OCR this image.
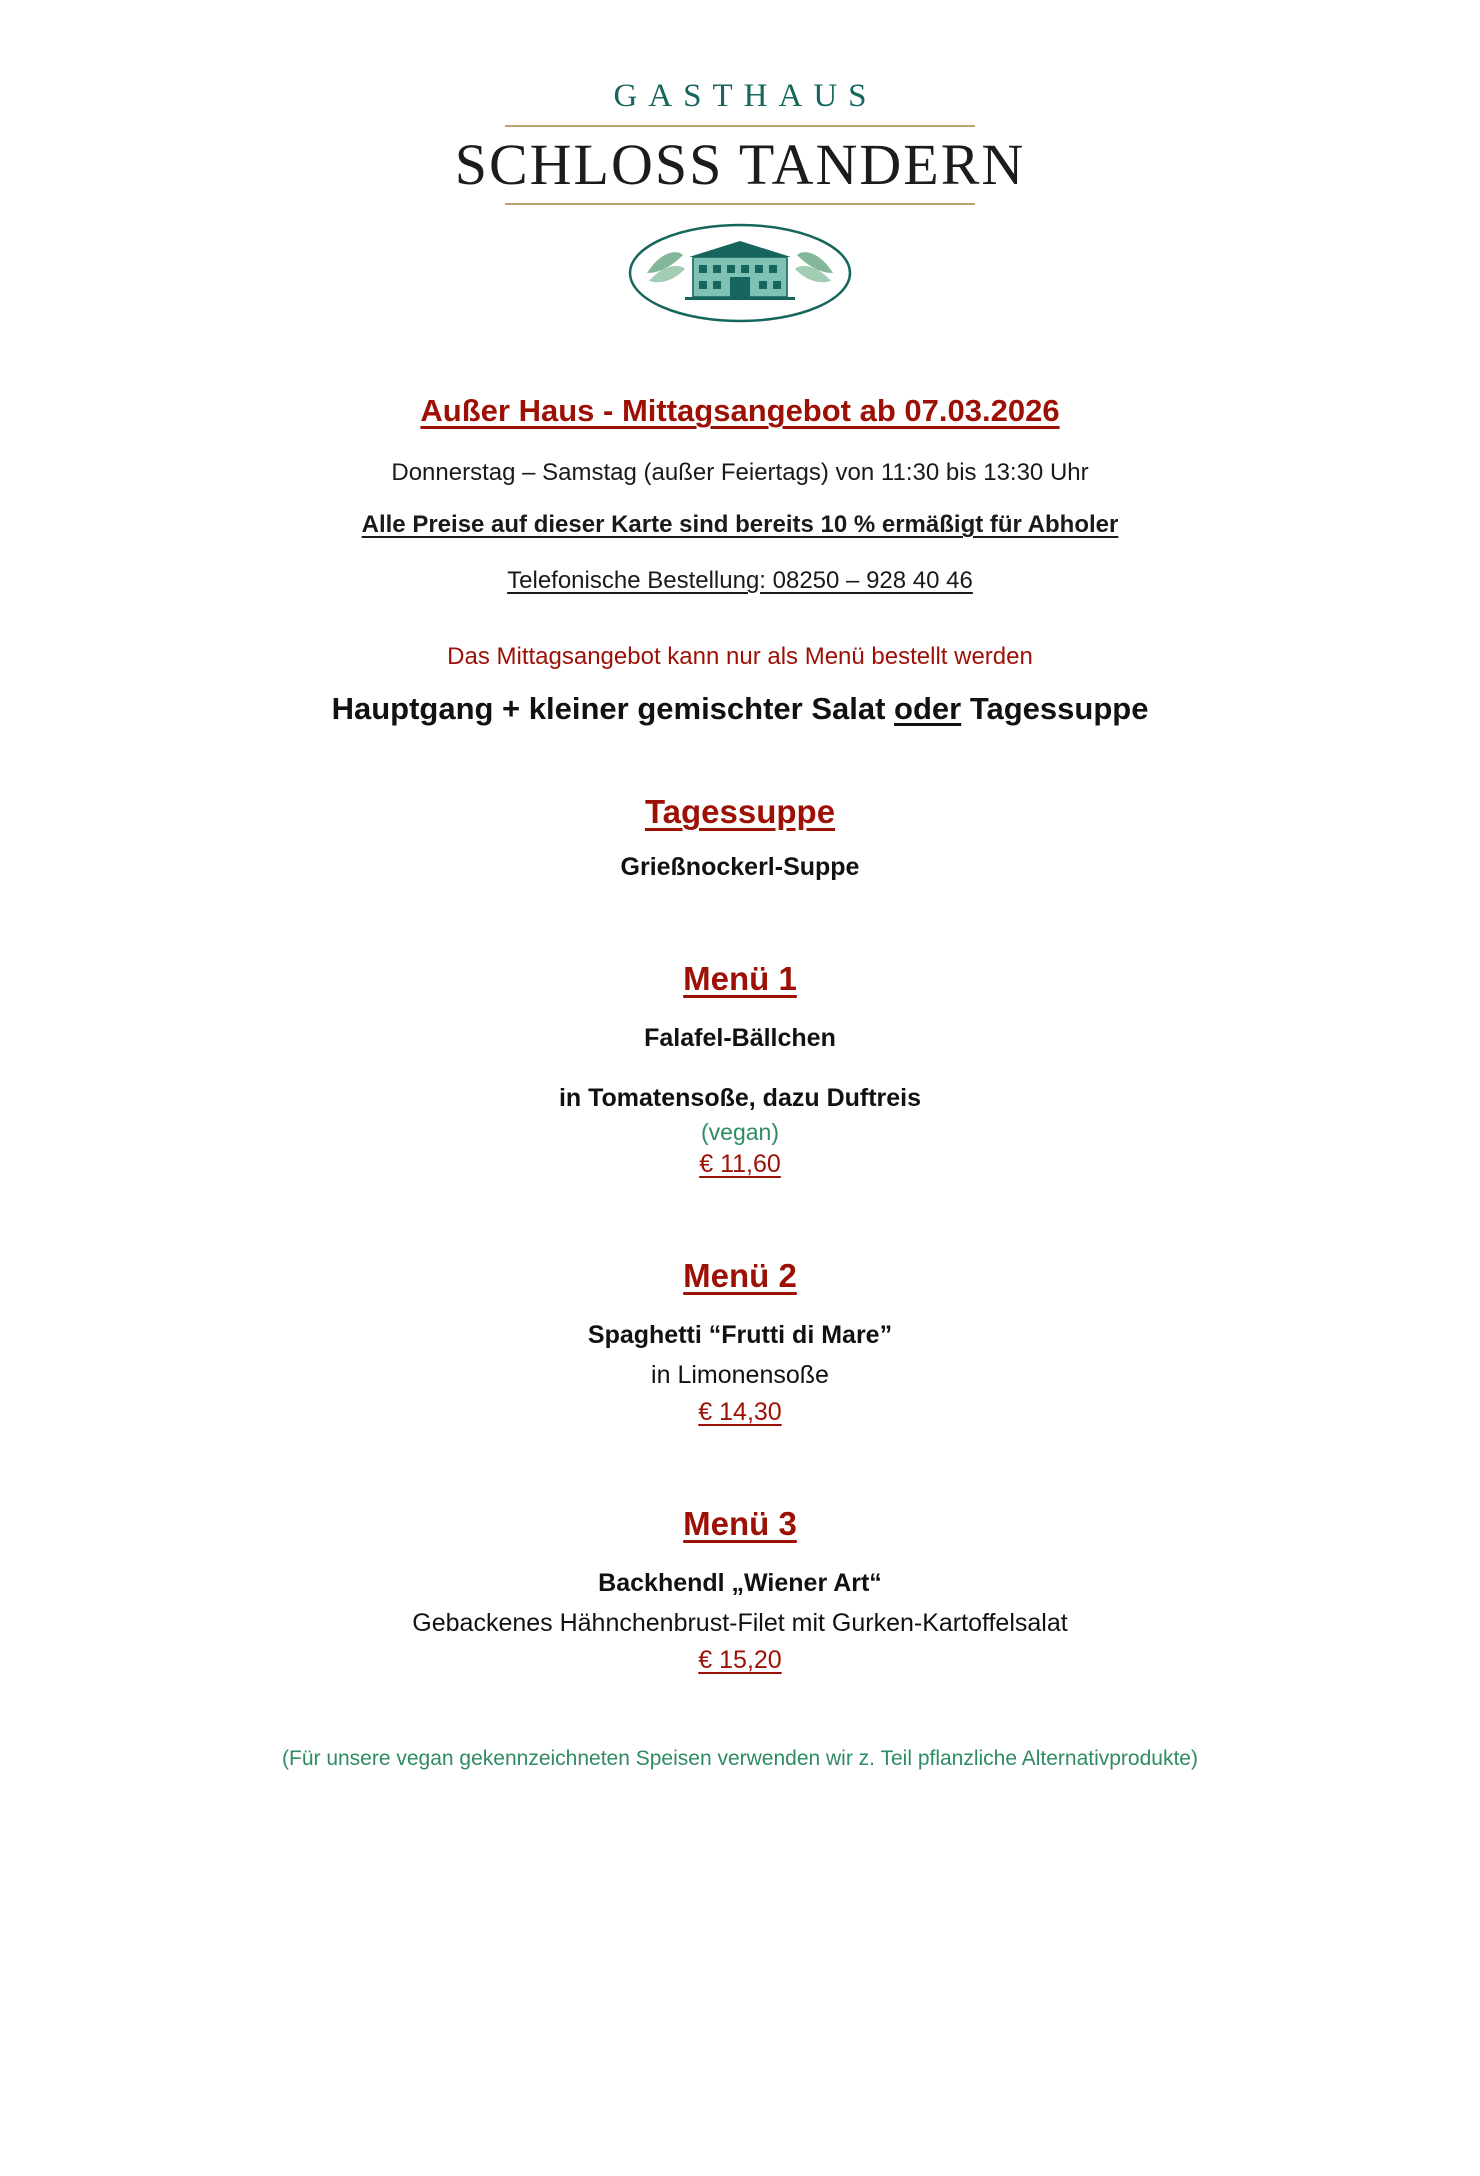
GASTHAUS
SCHLOSS TANDERN
Außer Haus - Mittagsangebot ab 07.03.2026
Donnerstag – Samstag (außer Feiertags) von 11:30 bis 13:30 Uhr
Alle Preise auf dieser Karte sind bereits 10 % ermäßigt für Abholer
Telefonische Bestellung: 08250 – 928 40 46
Das Mittagsangebot kann nur als Menü bestellt werden
Hauptgang + kleiner gemischter Salat oder Tagessuppe
Tagessuppe
Grießnockerl-Suppe
Menü 1
Falafel-Bällchen
in Tomatensoße, dazu Duftreis
(vegan)
€ 11,60
Menü 2
Spaghetti “Frutti di Mare”
in Limonensoße
€ 14,30
Menü 3
Backhendl „Wiener Art“
Gebackenes Hähnchenbrust-Filet mit Gurken-Kartoffelsalat
€ 15,20
(Für unsere vegan gekennzeichneten Speisen verwenden wir z. Teil pflanzliche Alternativprodukte)
